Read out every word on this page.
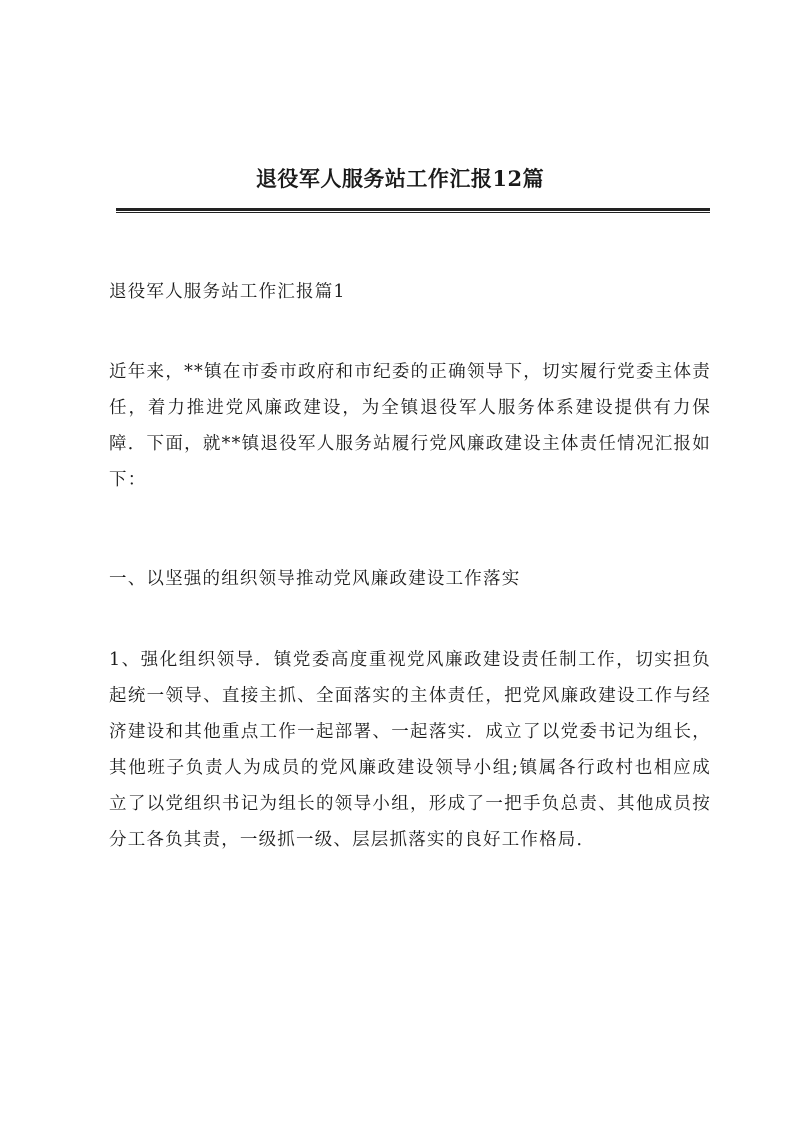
退役军人服务站工作汇报12篇

退役军人服务站工作汇报篇1

近年来，**镇在市委市政府和市纪委的正确领导下，切实履行党委主体责任，着力推进党风廉政建设，为全镇退役军人服务体系建设提供有力保障．下面，就**镇退役军人服务站履行党风廉政建设主体责任情况汇报如下：

一、以坚强的组织领导推动党风廉政建设工作落实

1、强化组织领导．镇党委高度重视党风廉政建设责任制工作，切实担负起统一领导、直接主抓、全面落实的主体责任，把党风廉政建设工作与经济建设和其他重点工作一起部署、一起落实．成立了以党委书记为组长，其他班子负责人为成员的党风廉政建设领导小组;镇属各行政村也相应成立了以党组织书记为组长的领导小组，形成了一把手负总责、其他成员按分工各负其责，一级抓一级、层层抓落实的良好工作格局．
